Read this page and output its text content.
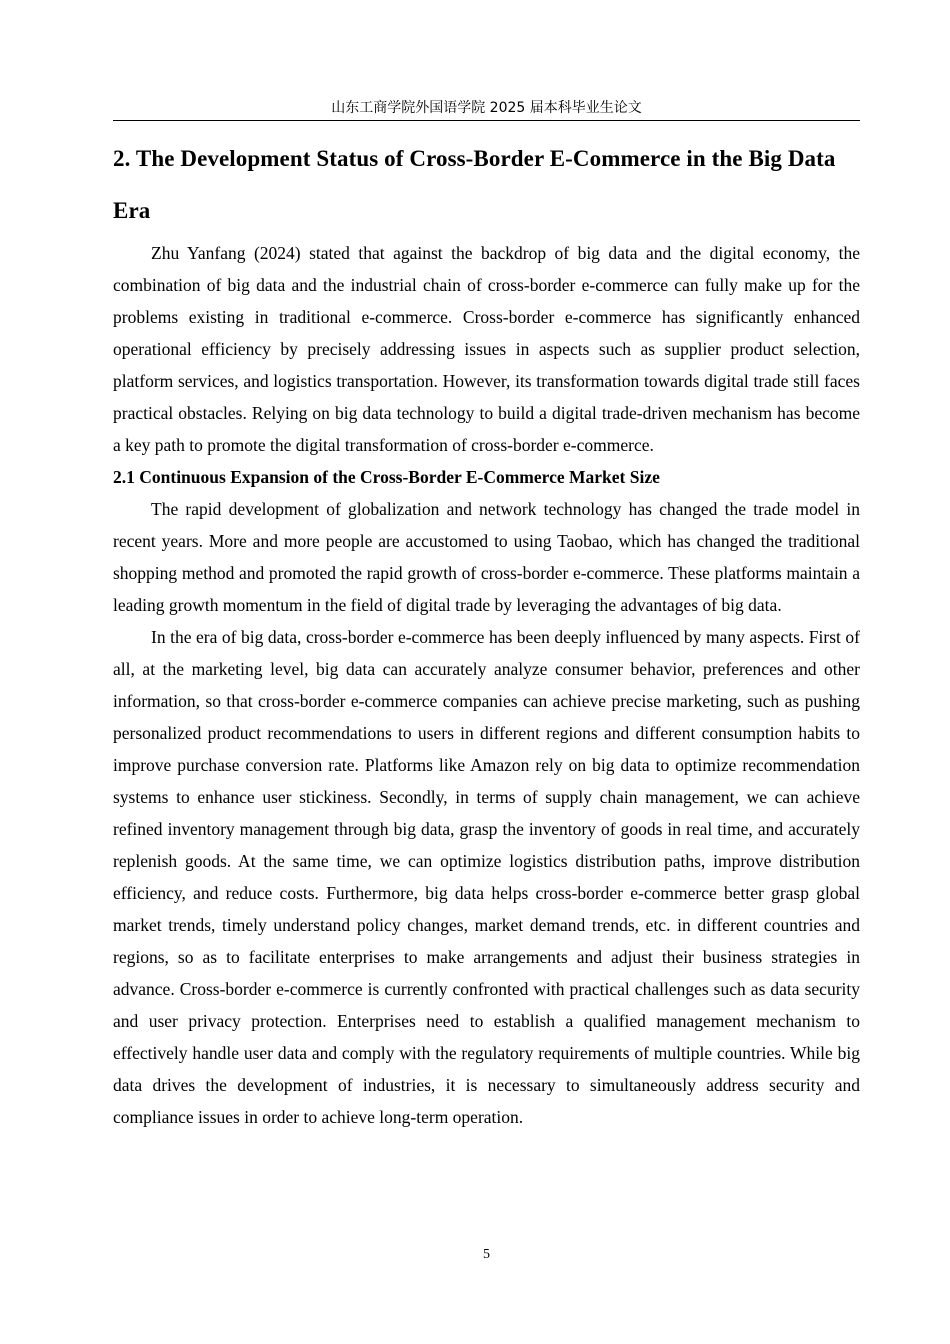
山东工商学院外国语学院 2025 届本科毕业生论文
2. The Development Status of Cross-Border E-Commerce in the Big Data Era

Zhu Yanfang (2024) stated that against the backdrop of big data and the digital economy, the combination of big data and the industrial chain of cross-border e-commerce can fully make up for the problems existing in traditional e-commerce. Cross-border e-commerce has significantly enhanced operational efficiency by precisely addressing issues in aspects such as supplier product selection, platform services, and logistics transportation. However, its transformation towards digital trade still faces practical obstacles. Relying on big data technology to build a digital trade-driven mechanism has become a key path to promote the digital transformation of cross-border e-commerce.

2.1 Continuous Expansion of the Cross-Border E-Commerce Market Size

The rapid development of globalization and network technology has changed the trade model in recent years. More and more people are accustomed to using Taobao, which has changed the traditional shopping method and promoted the rapid growth of cross-border e-commerce. These platforms maintain a leading growth momentum in the field of digital trade by leveraging the advantages of big data.

In the era of big data, cross-border e-commerce has been deeply influenced by many aspects. First of all, at the marketing level, big data can accurately analyze consumer behavior, preferences and other information, so that cross-border e-commerce companies can achieve precise marketing, such as pushing personalized product recommendations to users in different regions and different consumption habits to improve purchase conversion rate. Platforms like Amazon rely on big data to optimize recommendation systems to enhance user stickiness. Secondly, in terms of supply chain management, we can achieve refined inventory management through big data, grasp the inventory of goods in real time, and accurately replenish goods. At the same time, we can optimize logistics distribution paths, improve distribution efficiency, and reduce costs. Furthermore, big data helps cross-border e-commerce better grasp global market trends, timely understand policy changes, market demand trends, etc. in different countries and regions, so as to facilitate enterprises to make arrangements and adjust their business strategies in advance. Cross-border e-commerce is currently confronted with practical challenges such as data security and user privacy protection. Enterprises need to establish a qualified management mechanism to effectively handle user data and comply with the regulatory requirements of multiple countries. While big data drives the development of industries, it is necessary to simultaneously address security and compliance issues in order to achieve long-term operation.

5
